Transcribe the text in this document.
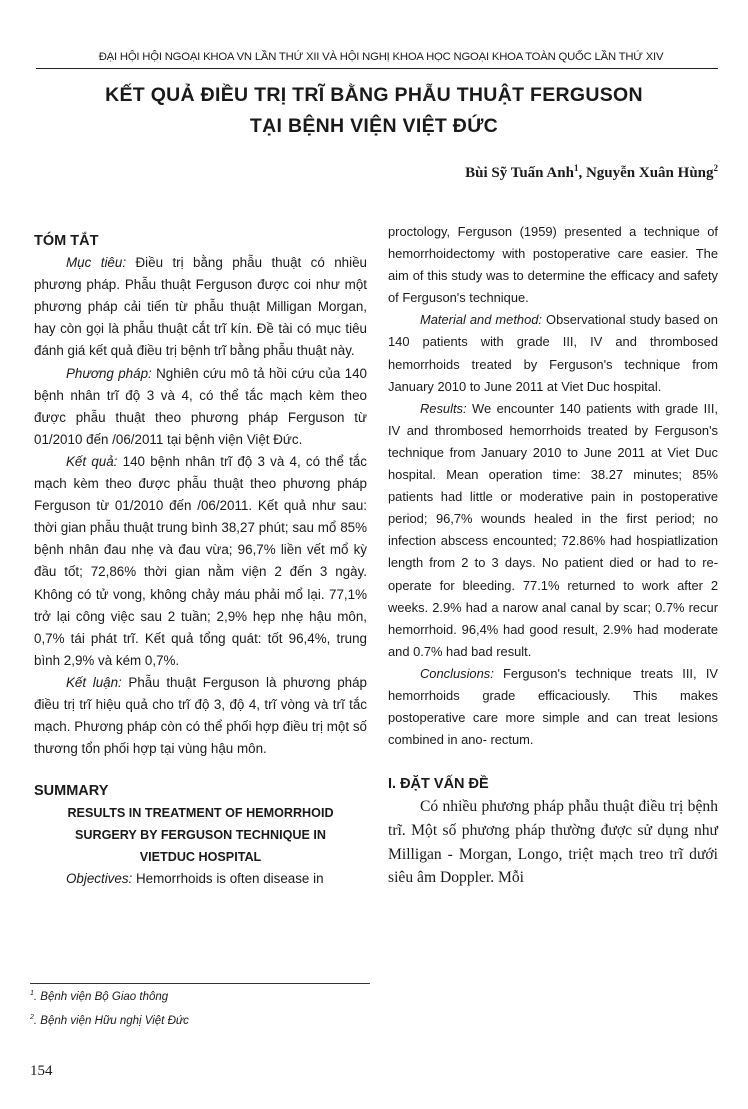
ĐẠI HỘI HỘI NGOẠI KHOA VN LẦN THỨ XII VÀ HỘI NGHỊ KHOA HỌC NGOẠI KHOA TOÀN QUỐC LẦN THỨ XIV
KẾT QUẢ ĐIỀU TRỊ TRĨ BẰNG PHẪU THUẬT FERGUSON
TẠI BỆNH VIỆN VIỆT ĐỨC
Bùi Sỹ Tuấn Anh$^1$, Nguyễn Xuân Hùng$^2$

TÓM TẮT

Mục tiêu: Điều trị bằng phẫu thuật có nhiều phương pháp. Phẫu thuật Ferguson được coi như một phương pháp cải tiến từ phẫu thuật Milligan Morgan, hay còn gọi là phẫu thuật cắt trĩ kín. Đề tài có mục tiêu đánh giá kết quả điều trị bệnh trĩ bằng phẫu thuật này.

Phương pháp: Nghiên cứu mô tả hồi cứu của 140 bệnh nhân trĩ độ 3 và 4, có thể tắc mạch kèm theo được phẫu thuật theo phương pháp Ferguson từ 01/2010 đến /06/2011 tại bệnh viện Việt Đức.

Kết quả: 140 bệnh nhân trĩ độ 3 và 4, có thể tắc mạch kèm theo được phẫu thuật theo phương pháp Ferguson từ 01/2010 đến /06/2011. Kết quả như sau: thời gian phẫu thuật trung bình 38,27 phút; sau mổ 85% bệnh nhân đau nhẹ và đau vừa; 96,7% liền vết mổ kỳ đầu tốt; 72,86% thời gian nằm viện 2 đến 3 ngày. Không có tử vong, không chảy máu phải mổ lại. 77,1% trở lại công việc sau 2 tuần; 2,9% hẹp nhẹ hậu môn, 0,7% tái phát trĩ. Kết quả tổng quát: tốt 96,4%, trung bình 2,9% và kém 0,7%.

Kết luận: Phẫu thuật Ferguson là phương pháp điều trị trĩ hiệu quả cho trĩ độ 3, độ 4, trĩ vòng và trĩ tắc mạch. Phương pháp còn có thể phối hợp điều trị một số thương tổn phối hợp tại vùng hậu môn.

SUMMARY

RESULTS IN TREATMENT OF HEMORRHOID

SURGERY BY FERGUSON TECHNIQUE IN

VIETDUC HOSPITAL

Objectives: Hemorrhoids is often disease in

proctology, Ferguson (1959) presented a technique of hemorrhoidectomy with postoperative care easier. The aim of this study was to determine the efficacy and safety of Ferguson's technique.

Material and method: Observational study based on 140 patients with grade III, IV and thrombosed hemorrhoids treated by Ferguson's technique from January 2010 to June 2011 at Viet Duc hospital.

Results: We encounter 140 patients with grade III, IV and thrombosed hemorrhoids treated by Ferguson's technique from January 2010 to June 2011 at Viet Duc hospital. Mean operation time: 38.27 minutes; 85% patients had little or moderative pain in postoperative period; 96,7% wounds healed in the first period; no infection abscess encounted; 72.86% had hospiatlization length from 2 to 3 days. No patient died or had to re-operate for bleeding. 77.1% returned to work after 2 weeks. 2.9% had a narow anal canal by scar; 0.7% recur hemorrhoid. 96,4% had good result, 2.9% had moderate and 0.7% had bad result.

Conclusions: Ferguson's technique treats III, IV hemorrhoids grade efficaciously. This makes postoperative care more simple and can treat lesions combined in ano- rectum.

I. ĐẶT VẤN ĐỀ

Có nhiều phương pháp phẫu thuật điều trị bệnh trĩ. Một số phương pháp thường được sử dụng như Milligan - Morgan, Longo, triệt mạch treo trĩ dưới siêu âm Doppler. Mỗi

$^1$. Bệnh viện Bộ Giao thông
$^2$. Bệnh viện Hữu nghị Việt Đức
154
